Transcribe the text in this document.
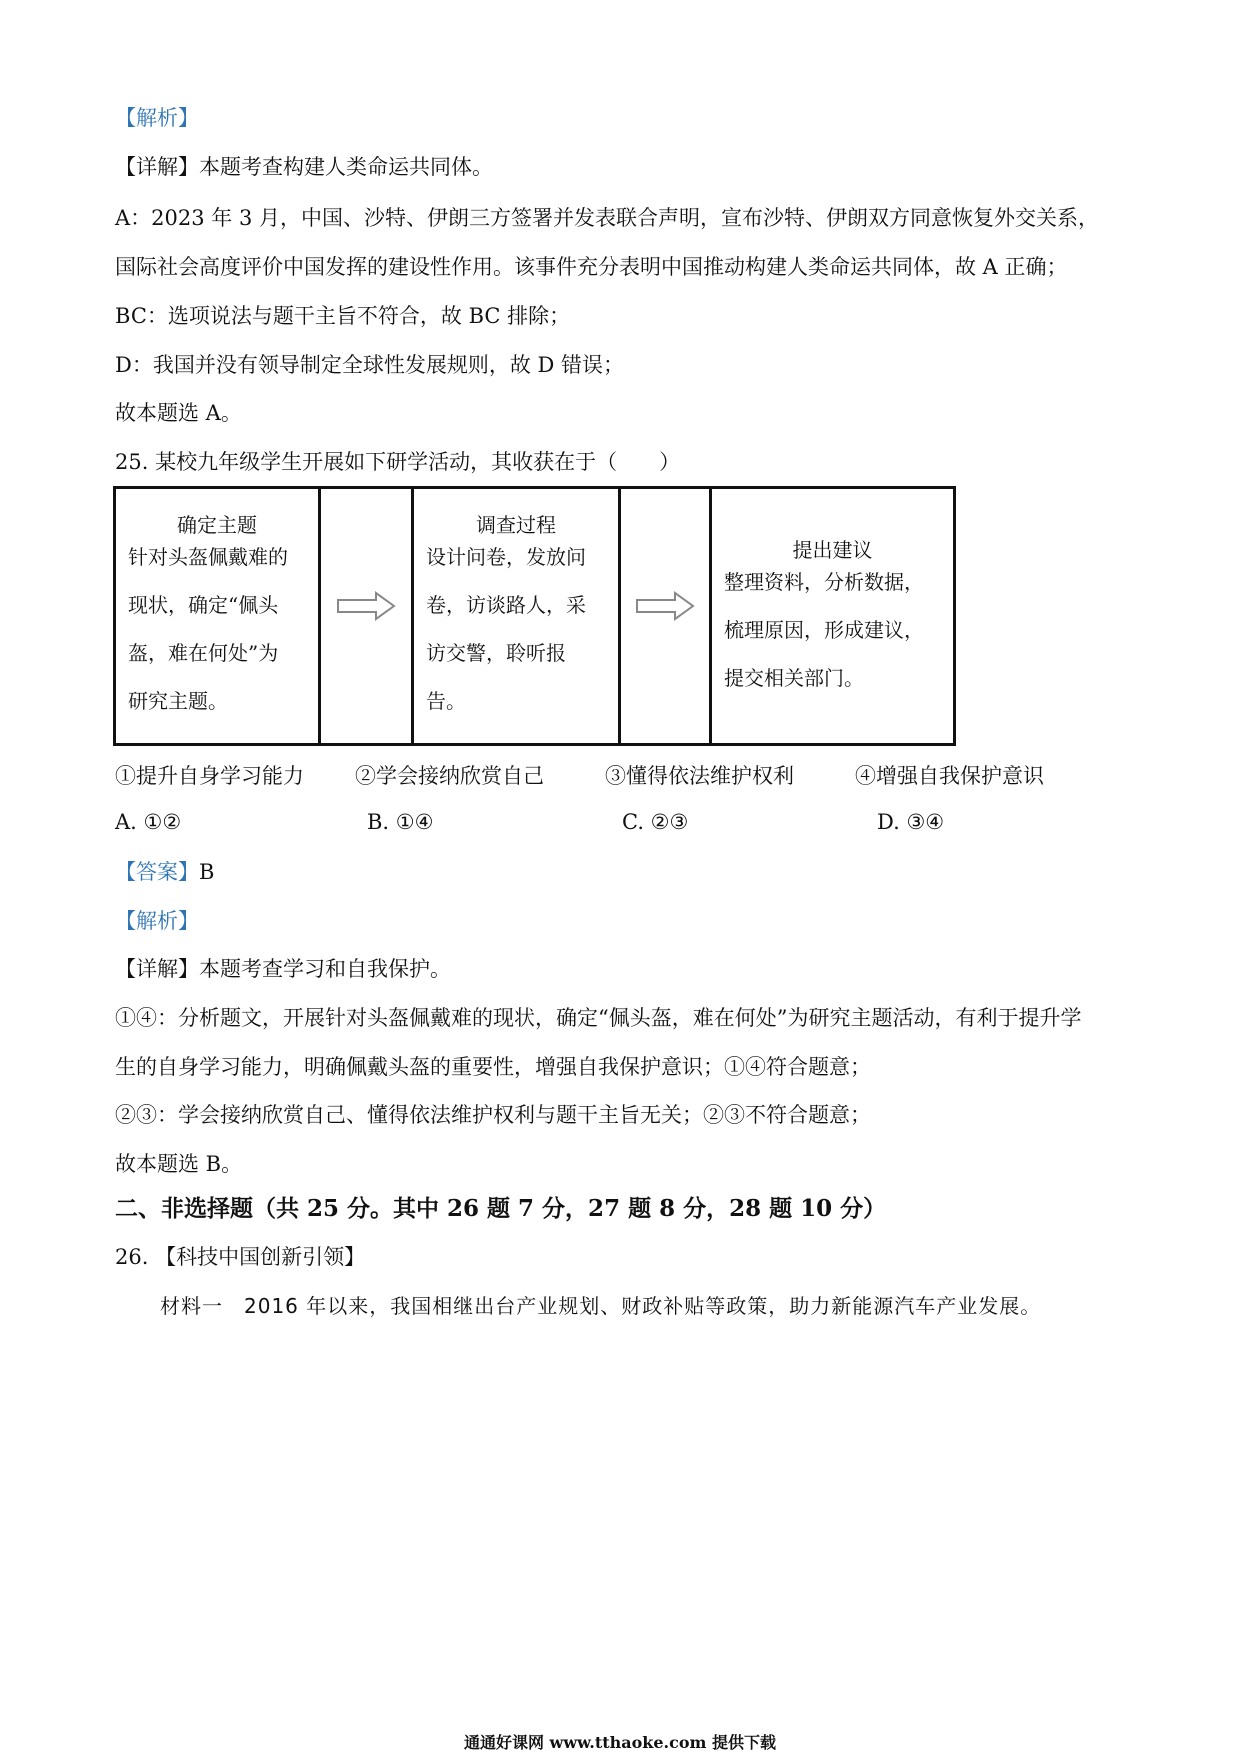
【解析】
【详解】本题考查构建人类命运共同体。
A：2023 年 3 月，中国、沙特、伊朗三方签署并发表联合声明，宣布沙特、伊朗双方同意恢复外交关系，
国际社会高度评价中国发挥的建设性作用。该事件充分表明中国推动构建人类命运共同体，故 A 正确；
BC：选项说法与题干主旨不符合，故 BC 排除；
D：我国并没有领导制定全球性发展规则，故 D 错误；
故本题选 A。
25. 某校九年级学生开展如下研学活动，其收获在于（　　）
确定主题
针对头盔佩戴难的
现状，确定“佩头
盔，难在何处”为
研究主题。
调查过程
设计问卷，发放问
卷，访谈路人，采
访交警，聆听报
告。
提出建议
整理资料，分析数据，
梳理原因，形成建议，
提交相关部门。
①提升自身学习能力 ②学会接纳欣赏自己	③懂得依法维护权利	④增强自我保护意识
A. ①②	B. ①④	C. ②③	D. ③④
【答案】B
【解析】
【详解】本题考查学习和自我保护。
①④：分析题文，开展针对头盔佩戴难的现状，确定“佩头盔，难在何处”为研究主题活动，有利于提升学
生的自身学习能力，明确佩戴头盔的重要性，增强自我保护意识；①④符合题意；
②③：学会接纳欣赏自己、懂得依法维护权利与题干主旨无关；②③不符合题意；
故本题选 B。
二、非选择题（共 25 分。其中 26 题 7 分，27 题 8 分，28 题 10 分）
26. 【科技中国创新引领】
材料一　2016 年以来，我国相继出台产业规划、财政补贴等政策，助力新能源汽车产业发展。
通通好课网 www.tthaoke.com 提供下载
